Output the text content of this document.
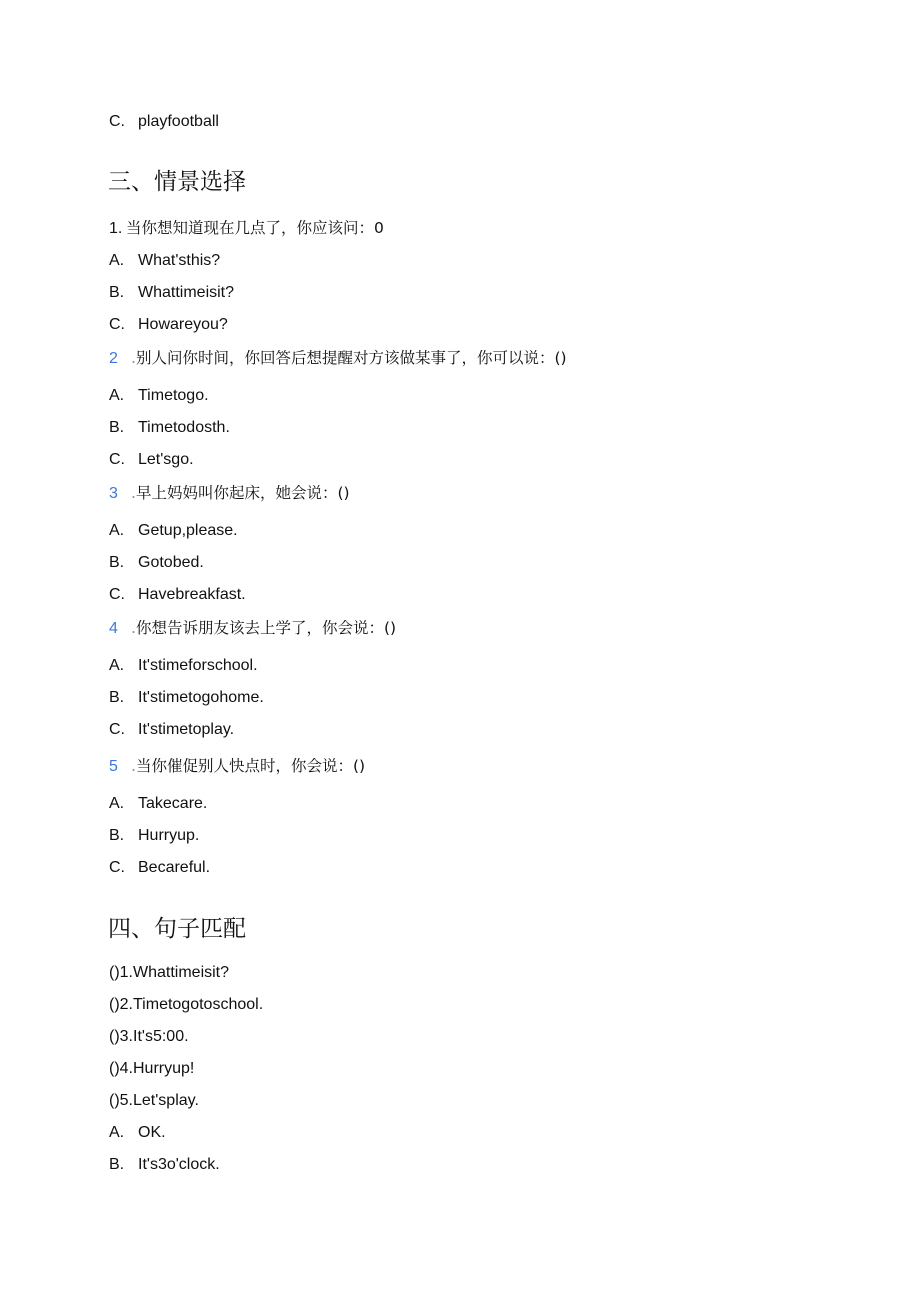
C. playfootball
三、情景选择
1. 当你想知道现在几点了，你应该问：0
A. What'sthis?
B. Whattimeisit?
C. Howareyou?
2 .别人问你时间，你回答后想提醒对方该做某事了，你可以说：()
A. Timetogo.
B. Timetodosth.
C. Let'sgo.
3 .早上妈妈叫你起床，她会说：()
A. Getup,please.
B. Gotobed.
C. Havebreakfast.
4 .你想告诉朋友该去上学了，你会说：()
A. It'stimeforschool.
B. It'stimetogohome.
C. It'stimetoplay.
5 .当你催促别人快点时，你会说：()
A. Takecare.
B. Hurryup.
C. Becareful.
四、句子匹配
()1.Whattimeisit?
()2.Timetogotoschool.
()3.It's5:00.
()4.Hurryup!
()5.Let'splay.
A. OK.
B. It's3o'clock.
